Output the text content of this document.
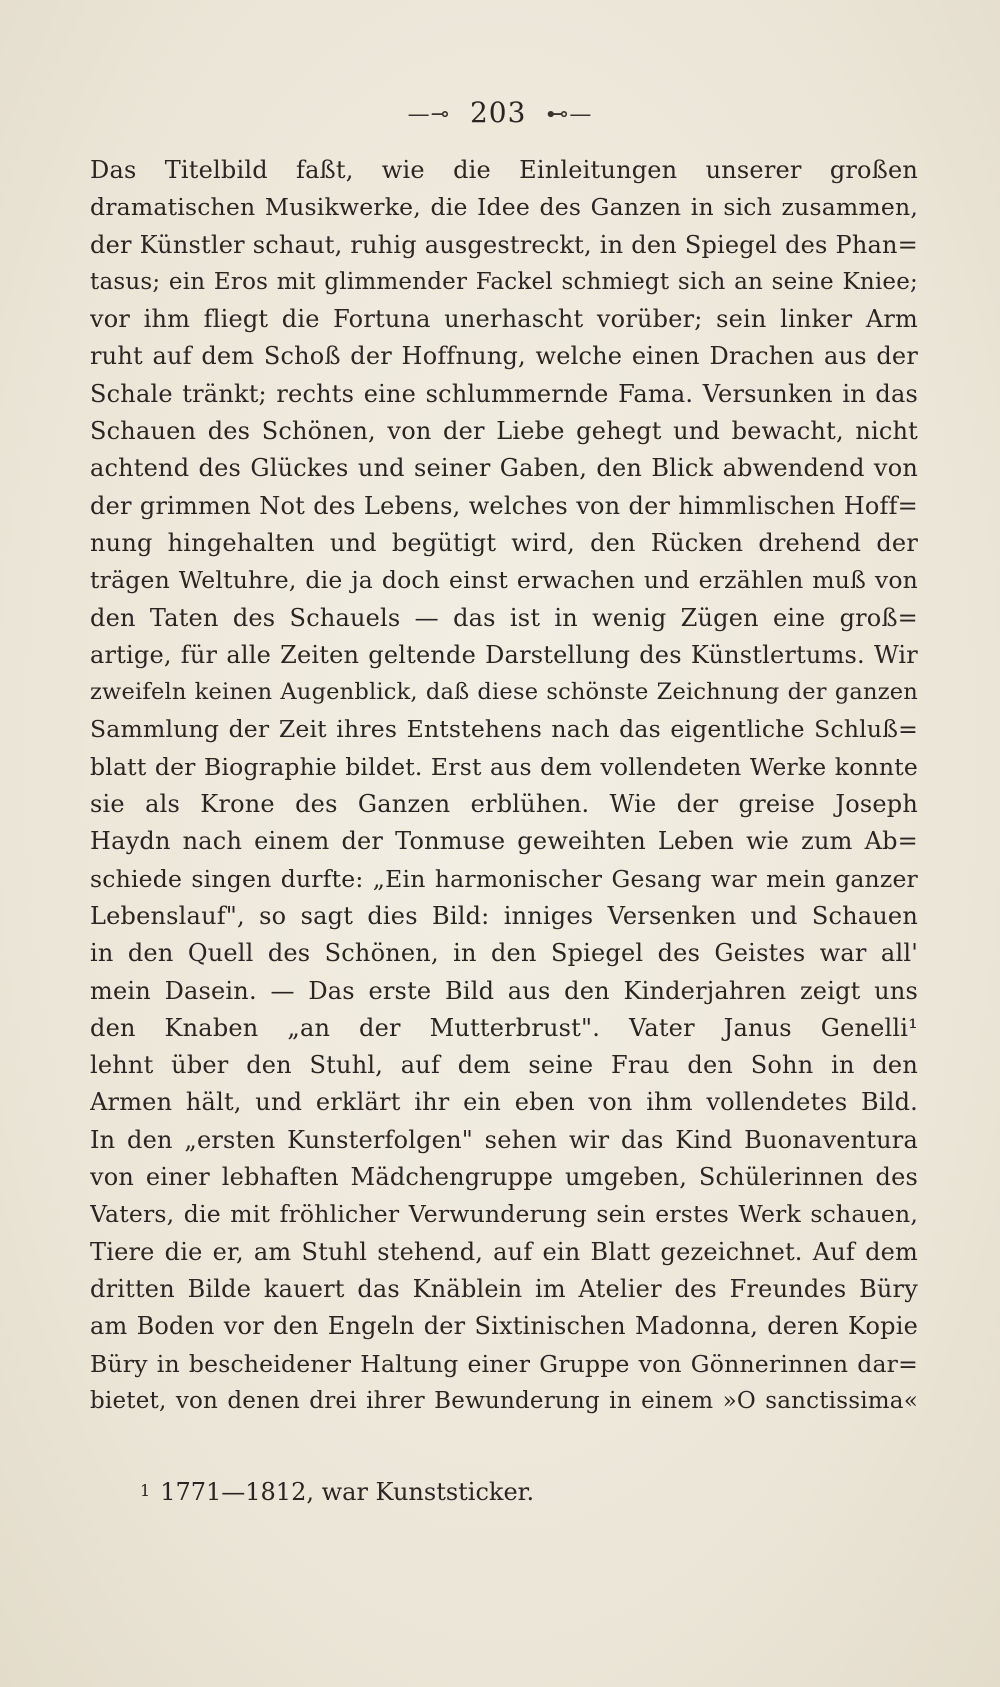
—⊸ 203 ⊷—
Das Titelbild faßt, wie die Einleitungen unserer großen
dramatischen Musikwerke, die Idee des Ganzen in sich zusammen,
der Künstler schaut, ruhig ausgestreckt, in den Spiegel des Phan=
tasus; ein Eros mit glimmender Fackel schmiegt sich an seine Kniee;
vor ihm fliegt die Fortuna unerhascht vorüber; sein linker Arm
ruht auf dem Schoß der Hoffnung, welche einen Drachen aus der
Schale tränkt; rechts eine schlummernde Fama. Versunken in das
Schauen des Schönen, von der Liebe gehegt und bewacht, nicht
achtend des Glückes und seiner Gaben, den Blick abwendend von
der grimmen Not des Lebens, welches von der himmlischen Hoff=
nung hingehalten und begütigt wird, den Rücken drehend der
trägen Weltuhre, die ja doch einst erwachen und erzählen muß von
den Taten des Schauels — das ist in wenig Zügen eine groß=
artige, für alle Zeiten geltende Darstellung des Künstlertums. Wir
zweifeln keinen Augenblick, daß diese schönste Zeichnung der ganzen
Sammlung der Zeit ihres Entstehens nach das eigentliche Schluß=
blatt der Biographie bildet. Erst aus dem vollendeten Werke konnte
sie als Krone des Ganzen erblühen. Wie der greise Joseph
Haydn nach einem der Tonmuse geweihten Leben wie zum Ab=
schiede singen durfte: „Ein harmonischer Gesang war mein ganzer
Lebenslauf", so sagt dies Bild: inniges Versenken und Schauen
in den Quell des Schönen, in den Spiegel des Geistes war all'
mein Dasein. — Das erste Bild aus den Kinderjahren zeigt uns
den Knaben „an der Mutterbrust". Vater Janus Genelli¹
lehnt über den Stuhl, auf dem seine Frau den Sohn in den
Armen hält, und erklärt ihr ein eben von ihm vollendetes Bild.
In den „ersten Kunsterfolgen" sehen wir das Kind Buonaventura
von einer lebhaften Mädchengruppe umgeben, Schülerinnen des
Vaters, die mit fröhlicher Verwunderung sein erstes Werk schauen,
Tiere die er, am Stuhl stehend, auf ein Blatt gezeichnet. Auf dem
dritten Bilde kauert das Knäblein im Atelier des Freundes Büry
am Boden vor den Engeln der Sixtinischen Madonna, deren Kopie
Büry in bescheidener Haltung einer Gruppe von Gönnerinnen dar=
bietet, von denen drei ihrer Bewunderung in einem »O sanctissima«
1 1771—1812, war Kunststicker.
